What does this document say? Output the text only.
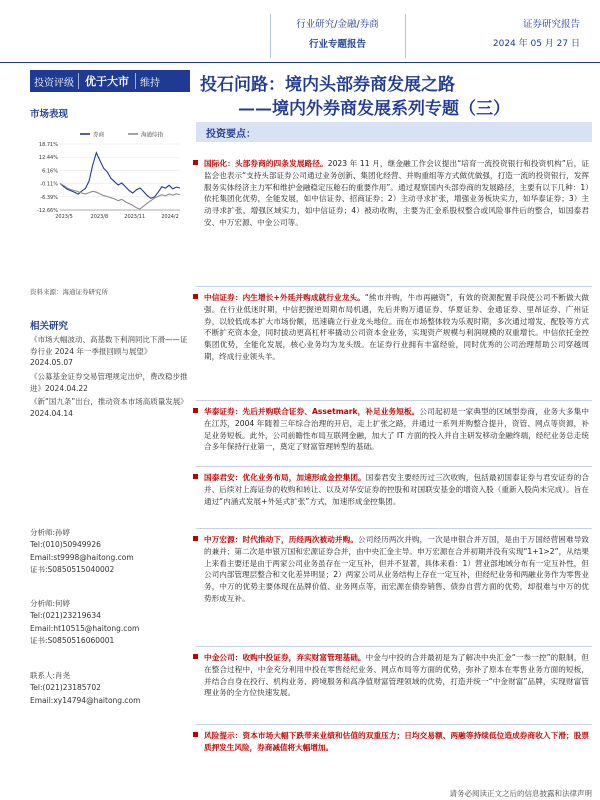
行业研究/金融/券商
行业专题报告
证券研究报告
2024 年 05 月 27 日
投资评级	优于大市	维持 投石问路：境内头部券商发展之路
——境内外券商发展系列专题（三）
市场表现
券商	海通综指
18.71%
12.44%
6.16%
-0.11%
-6.39%
-12.66%
2023/5	2023/8	2023/11	2024/2
资料来源：海通证券研究所
相关研究

《市场大幅波动、高基数下利润同比下滑——证券行业 2024 年一季报回顾与展望》2024.05.07

《公募基金证券交易管理规定出炉，费改稳步推进》2024.04.22

《新“国九条”出台，推动资本市场高质量发展》2024.04.14

分析师:孙婷
Tel:(010)50949926
Email:st9998@haitong.com
证书:S0850515040002
分析师:何婷
Tel:(021)23219634
Email:ht10515@haitong.com
证书:S0850516060001
联系人:肖尧
Tel:(021)23185702
Email:xy14794@haitong.com
投资要点：
国际化：头部券商的四条发展路径。2023 年 11 月，继金融工作会议提出“培育一流投资银行和投资机构”后，证监会也表示“支持头部证券公司通过业务创新、集团化经营、并购重组等方式做优做强，打造一流的投资银行，发挥服务实体经济主力军和维护金融稳定压舱石的重要作用”。通过观察国内头部券商的发展路径，主要有以下几种：1）依托集团化优势，全能发展，如中信证券、招商证券；2）主动寻求扩张，增强业务板块实力，如华泰证券；3）主动寻求扩张，增强区域实力，如中信证券；4）被动收购，主要为汇金系股权整合或风险事件后的整合，如国泰君安、中万宏源、中金公司等。
中信证券：内生增长+外延并购成就行业龙头。“熊市并购，牛市再融资”，有效的资源配置手段使公司不断做大做强。在行业低迷时期，中信把握逆周期布局机遇，先后并购万通证券、华夏证券、金通证券、里昂证券、广州证券，以较低成本扩大市场份额，迅速确立行业龙头地位。而在市场整体较为乐观时期，多次通过增发、配股等方式不断扩充资本金，同时拔动更高杠杆率撬动公司资本金业务，实现资产规模与利润规模的双重增长。中信依托金控集团优势，全能化发展，核心业务均为龙头级。在证券行业拥有丰富经验，同时优秀的公司治理帮助公司穿越周期，终成行业领头羊。
华泰证券：先后并购联合证券、Assetmark，补足业务短板。公司起初是一家典型的区域型券商，业务大多集中在江苏，2004 年随着三年综合治理的开启，走上扩张之路，并通过一系列并购整合提升，资管、网点等资源，补足业务短板。此外，公司前瞻性布局互联网金融，加大了 IT 方面的投入并自主研发移动金融终端，经纪业务总走统合多年保持行业第一，奠定了财富管理转型的基础。
国泰君安：优化业务布局，加速形成金控集团。国泰君安主要经历过三次收购，包括最初国泰证券与君安证券的合并、后续对上海证券的收购和转让、以及对华安证券的控股和对国联安基金的增资入股（重新入股尚未完成）。旨在通过“内涵式发展+外延式扩张”方式，加速形成金控集团。
中万宏源：时代推动下，历经两次被动并购。公司经历两次并购，一次是申银合并万国，是由于万国经营困难导致的兼并；第二次是申银万国和宏源证券合并，由中央汇金主导。申万宏源在合并初期并没有实现“1+1>2”，从结果上来看主要还是由于两家公司业务虽存在一定互补，但并不显著，具体来看：1）营业部地域分布有一定互补性，但公司内部管理层整合和文化差异明显；2）两家公司从业务结构上存在一定互补，但经纪业务和两融业务作为零售业务，中万的优势主要体现在品牌价值、业务网点等，而宏源在债券销售、债券自营方面的优势，却很难与中万的优势形成互补。
中金公司：收购中投证券，弃实财富管理基础。中金与中投的合并最初是为了解决中央汇金“一参一控”的限制，但在整合过程中，中金充分利用中投在零售经纪业务、网点布局等方面的优势，弥补了原本在零售业务方面的短板，并结合自身在投行、机构业务、跨境服务和高净值财富管理领域的优势，打造并统一“中金财富”品牌，实现财富管理业务的全方位快速发展。
风险提示：资本市场大幅下跌带来业绩和估值的双重压力；日均交易额、两融等持续低位造成券商收入下滑；股票质押发生风险，券商减值将大幅增加。
请务必阅读正文之后的信息披露和法律声明
